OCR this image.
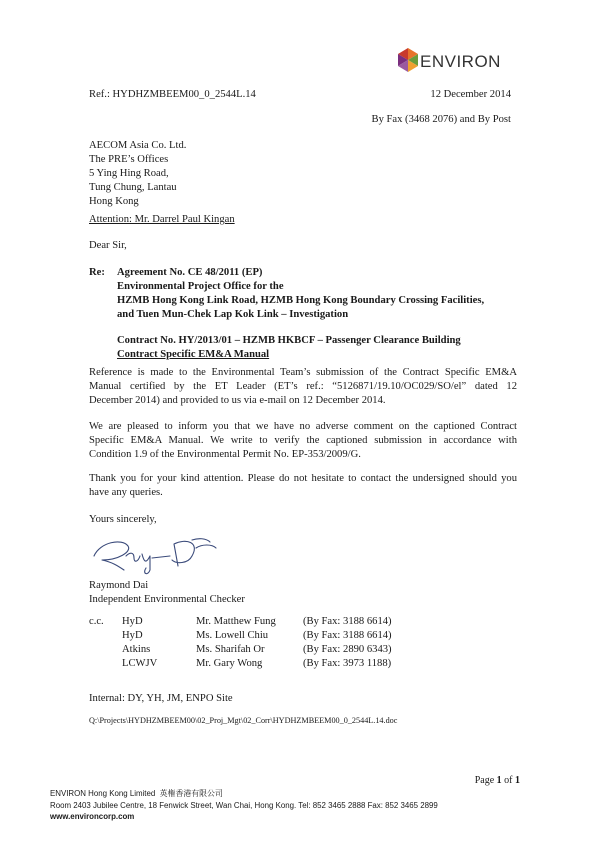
ENVIRON
Ref.: HYDHZMBEEM00_0_2544L.14	12 December 2014
By Fax (3468 2076) and By Post
AECOM Asia Co. Ltd.
The PRE’s Offices
5 Ying Hing Road,
Tung Chung, Lantau
Hong Kong
Attention: Mr. Darrel Paul Kingan
Dear Sir,
Re: Agreement No. CE 48/2011 (EP)
Environmental Project Office for the
HZMB Hong Kong Link Road, HZMB Hong Kong Boundary Crossing Facilities,
and Tuen Mun-Chek Lap Kok Link – Investigation
Contract No. HY/2013/01 – HZMB HKBCF – Passenger Clearance Building
Contract Specific EM&A Manual
Reference is made to the Environmental Team’s submission of the Contract Specific EM&A
Manual certified by the ET Leader (ET’s ref.: “5126871/19.10/OC029/SO/el” dated 12
December 2014) and provided to us via e-mail on 12 December 2014.
We are pleased to inform you that we have no adverse comment on the captioned Contract
Specific EM&A Manual. We write to verify the captioned submission in accordance with
Condition 1.9 of the Environmental Permit No. EP-353/2009/G.
Thank you for your kind attention. Please do not hesitate to contact the undersigned should you
have any queries.
Yours sincerely,
Raymond Dai
Independent Environmental Checker
c.c. HyD	Mr. Matthew Fung	(By Fax: 3188 6614)
HyD	Ms. Lowell Chiu	(By Fax: 3188 6614)
Atkins	Ms. Sharifah Or	(By Fax: 2890 6343)
LCWJV	Mr. Gary Wong	(By Fax: 3973 1188)
Internal: DY, YH, JM, ENPO Site
Q:\Projects\HYDHZMBEEM00\02_Proj_Mgt\02_Corr\HYDHZMBEEM00_0_2544L.14.doc
Page 1 of 1
ENVIRON Hong Kong Limited 英権香港有限公司
Room 2403 Jubilee Centre, 18 Fenwick Street, Wan Chai, Hong Kong. Tel: 852 3465 2888 Fax: 852 3465 2899
www.environcorp.com
